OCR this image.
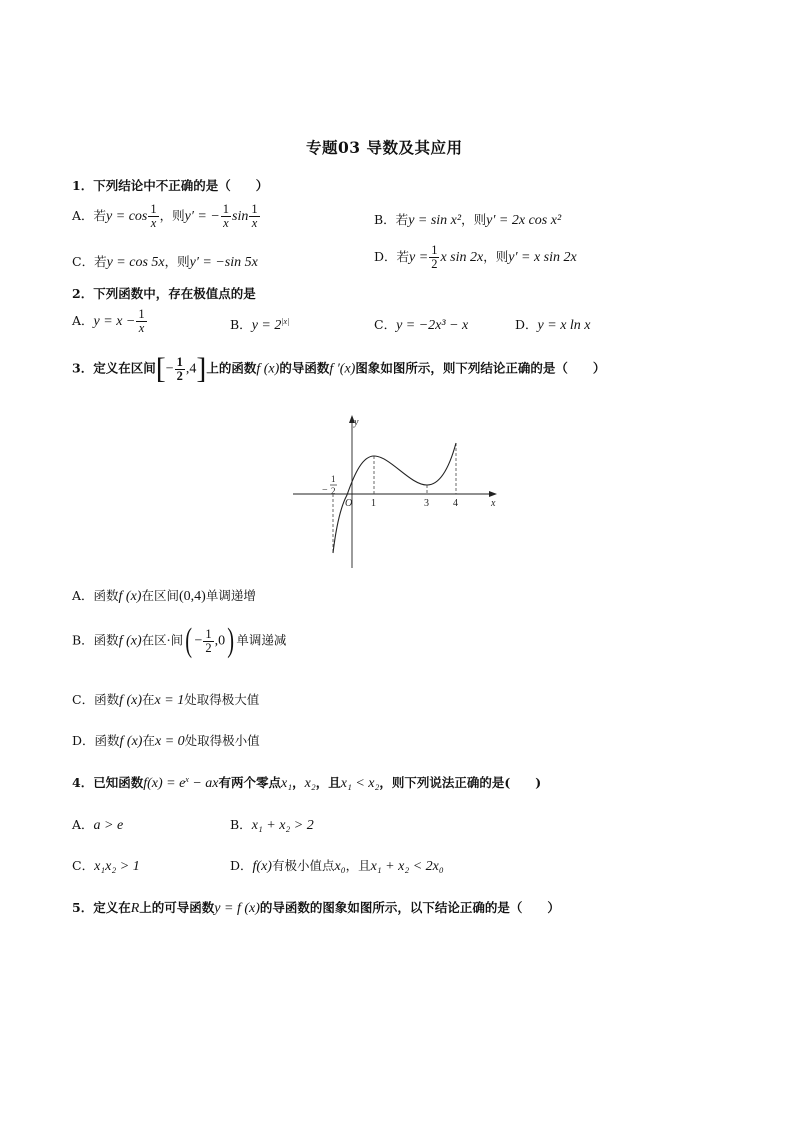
专题03 导数及其应用
1．下列结论中不正确的是（　　）
A．若$y = \cos \frac{1}{x}$ ，则y′ = − $\frac{1}{x}$ $\sin \frac{1}{x}$	B．若y = sin x²，则y′ = 2x cos x²
C．若y = cos 5x，则y′ = −sin 5x	D．若$y = \frac{1}{2}$ x sin 2x，则y′ = x sin 2x
2．下列函数中，存在极值点的是
A．$y = x - \frac{1}{x}$	B．$y = 2^{|x|}$	C．y = −2x³ − x	D．y = x ln x
3．定义在区间[− $\frac{1}{2} ,4$]上的函数f (x)的导函数f ′(x)图象如图所示，则下列结论正确的是（　　）
y
x
O 1	3 4
−
1
2
A．函数f (x)在区间(0,4)单调递增
B．函数f (x)在区·间( − $\frac{1}{2} ,0$) 单调递减
C．函数f (x)在x = 1处取得极大值
D．函数f (x)在x = 0处取得极小值
4．已知函数$f(x) = e^x$ − ax有两个零点x₁，x₂，且x₁ < x₂，则下列说法正确的是(　　)
A．a > e	B．x₁ + x₂ > 2
C．x₁x₂ > 1	D．f(x)有极小值点x₀，且x₁ + x₂ < 2x₀
5．定义在R上的可导函数y = f (x)的导函数的图象如图所示，以下结论正确的是（　　）
